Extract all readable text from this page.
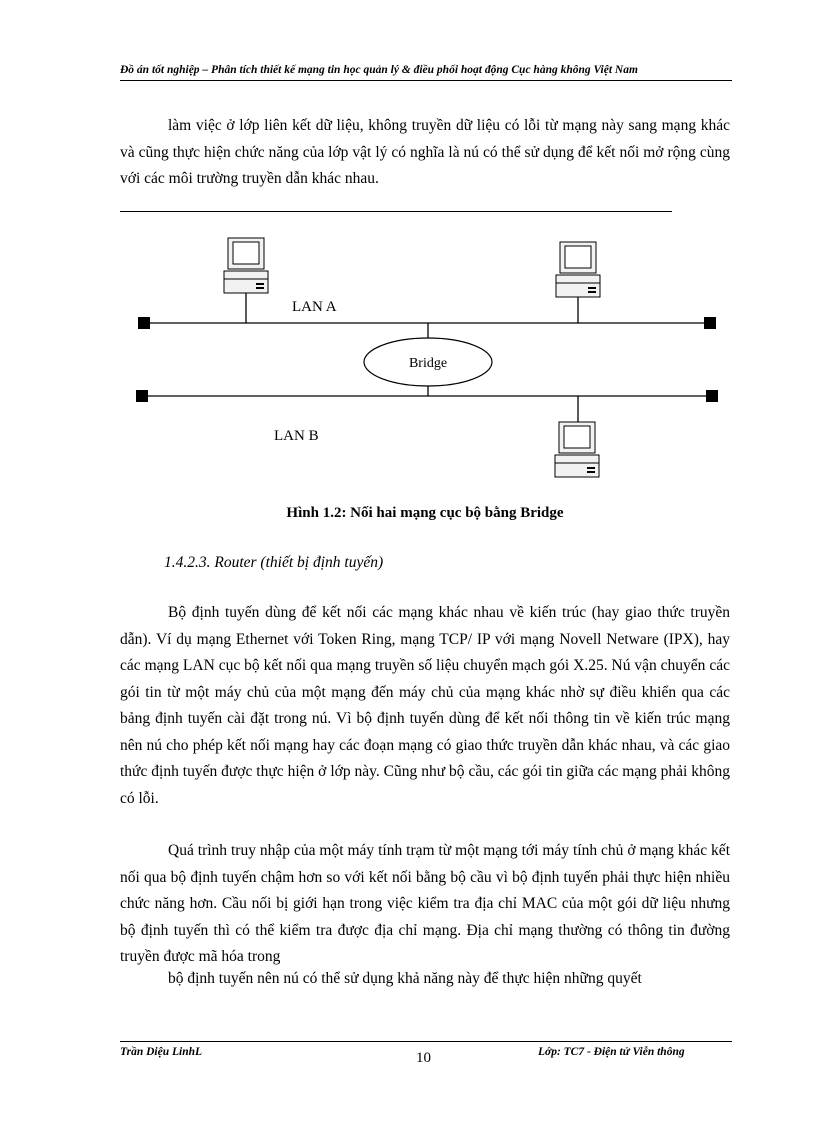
Đồ án tốt nghiệp – Phân tích thiết kế mạng tin học quản lý & điều phối hoạt động Cục hàng không Việt Nam
làm việc ở lớp liên kết dữ liệu, không truyền dữ liệu có lỗi từ mạng này sang mạng khác và cũng thực hiện chức năng của lớp vật lý có nghĩa là nú có thể sử dụng để kết nối mở rộng cùng với các môi trường truyền dẫn khác nhau.
Bridge
LAN A
LAN B
Hình 1.2: Nối hai mạng cục bộ bằng Bridge
1.4.2.3. Router (thiết bị định tuyến)
Bộ định tuyến dùng để kết nối các mạng khác nhau về kiến trúc (hay giao thức truyền dẫn). Ví dụ mạng Ethernet với Token Ring, mạng TCP/ IP với mạng Novell Netware (IPX), hay các mạng LAN cục bộ kết nối qua mạng truyền số liệu chuyển mạch gói X.25. Nú vận chuyển các gói tin từ một máy chủ của một mạng đến máy chủ của mạng khác nhờ sự điều khiển qua các bảng định tuyến cài đặt trong nú. Vì bộ định tuyến dùng để kết nối thông tin về kiến trúc mạng nên nú cho phép kết nối mạng hay các đoạn mạng có giao thức truyền dẫn khác nhau, và các giao thức định tuyến được thực hiện ở lớp này. Cũng như bộ cầu, các gói tin giữa các mạng phải không có lỗi.
Quá trình truy nhập của một máy tính trạm từ một mạng tới máy tính chủ ở mạng khác kết nối qua bộ định tuyến chậm hơn so với kết nối bằng bộ cầu vì bộ định tuyến phải thực hiện nhiều chức năng hơn. Cầu nối bị giới hạn trong việc kiểm tra địa chỉ MAC của một gói dữ liệu nhưng bộ định tuyến thì có thể kiểm tra được địa chỉ mạng. Địa chỉ mạng thường có thông tin đường truyền được mã hóa trong
bộ định tuyến nên nú có thể sử dụng khả năng này để thực hiện những quyết
Trần Diệu LinhL	10	Lớp: TC7 - Điện tử Viễn thông
